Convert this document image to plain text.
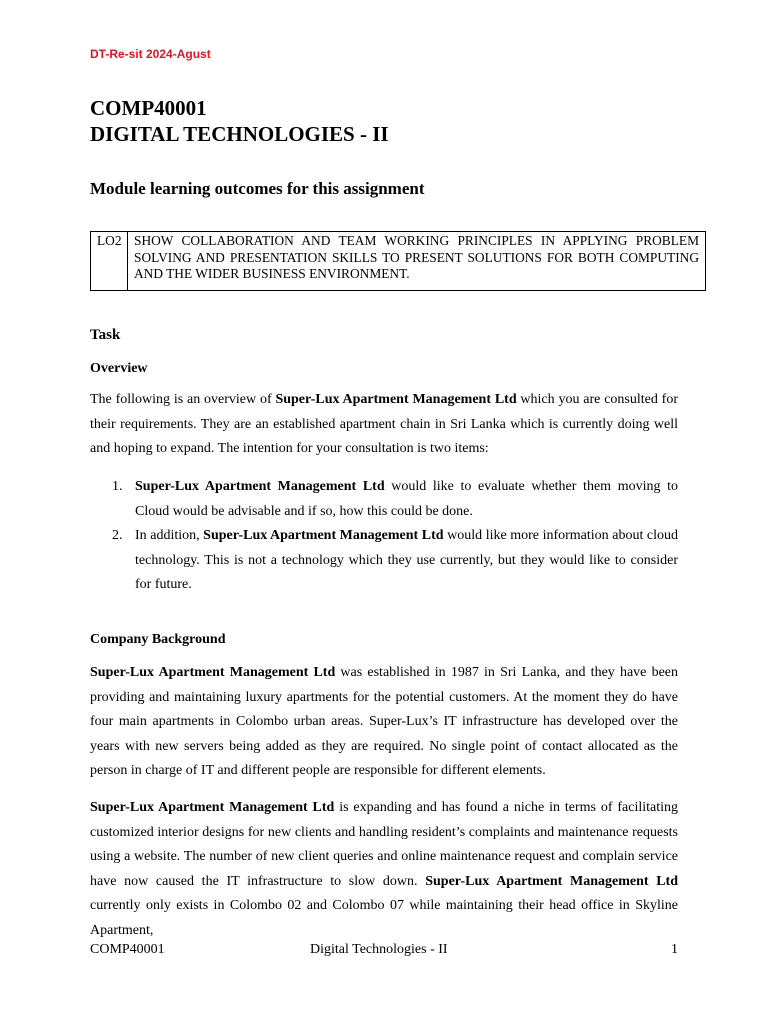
DT-Re-sit 2024-Agust
COMP40001
DIGITAL TECHNOLOGIES - II
Module learning outcomes for this assignment
LO2	SHOW COLLABORATION AND TEAM WORKING PRINCIPLES IN APPLYING PROBLEM SOLVING AND PRESENTATION SKILLS TO PRESENT SOLUTIONS FOR BOTH COMPUTING AND THE WIDER BUSINESS ENVIRONMENT.
Task
Overview
The following is an overview of Super-Lux Apartment Management Ltd which you are consulted for their requirements. They are an established apartment chain in Sri Lanka which is currently doing well and hoping to expand. The intention for your consultation is two items:
1. Super-Lux Apartment Management Ltd would like to evaluate whether them moving to Cloud would be advisable and if so, how this could be done.
2. In addition, Super-Lux Apartment Management Ltd would like more information about cloud technology. This is not a technology which they use currently, but they would like to consider for future.
Company Background
Super-Lux Apartment Management Ltd was established in 1987 in Sri Lanka, and they have been providing and maintaining luxury apartments for the potential customers. At the moment they do have four main apartments in Colombo urban areas. Super-Lux’s IT infrastructure has developed over the years with new servers being added as they are required. No single point of contact allocated as the person in charge of IT and different people are responsible for different elements.
Super-Lux Apartment Management Ltd is expanding and has found a niche in terms of facilitating customized interior designs for new clients and handling resident’s complaints and maintenance requests using a website. The number of new client queries and online maintenance request and complain service have now caused the IT infrastructure to slow down. Super-Lux Apartment Management Ltd currently only exists in Colombo 02 and Colombo 07 while maintaining their head office in Skyline Apartment,
COMP40001	Digital Technologies - II	1
